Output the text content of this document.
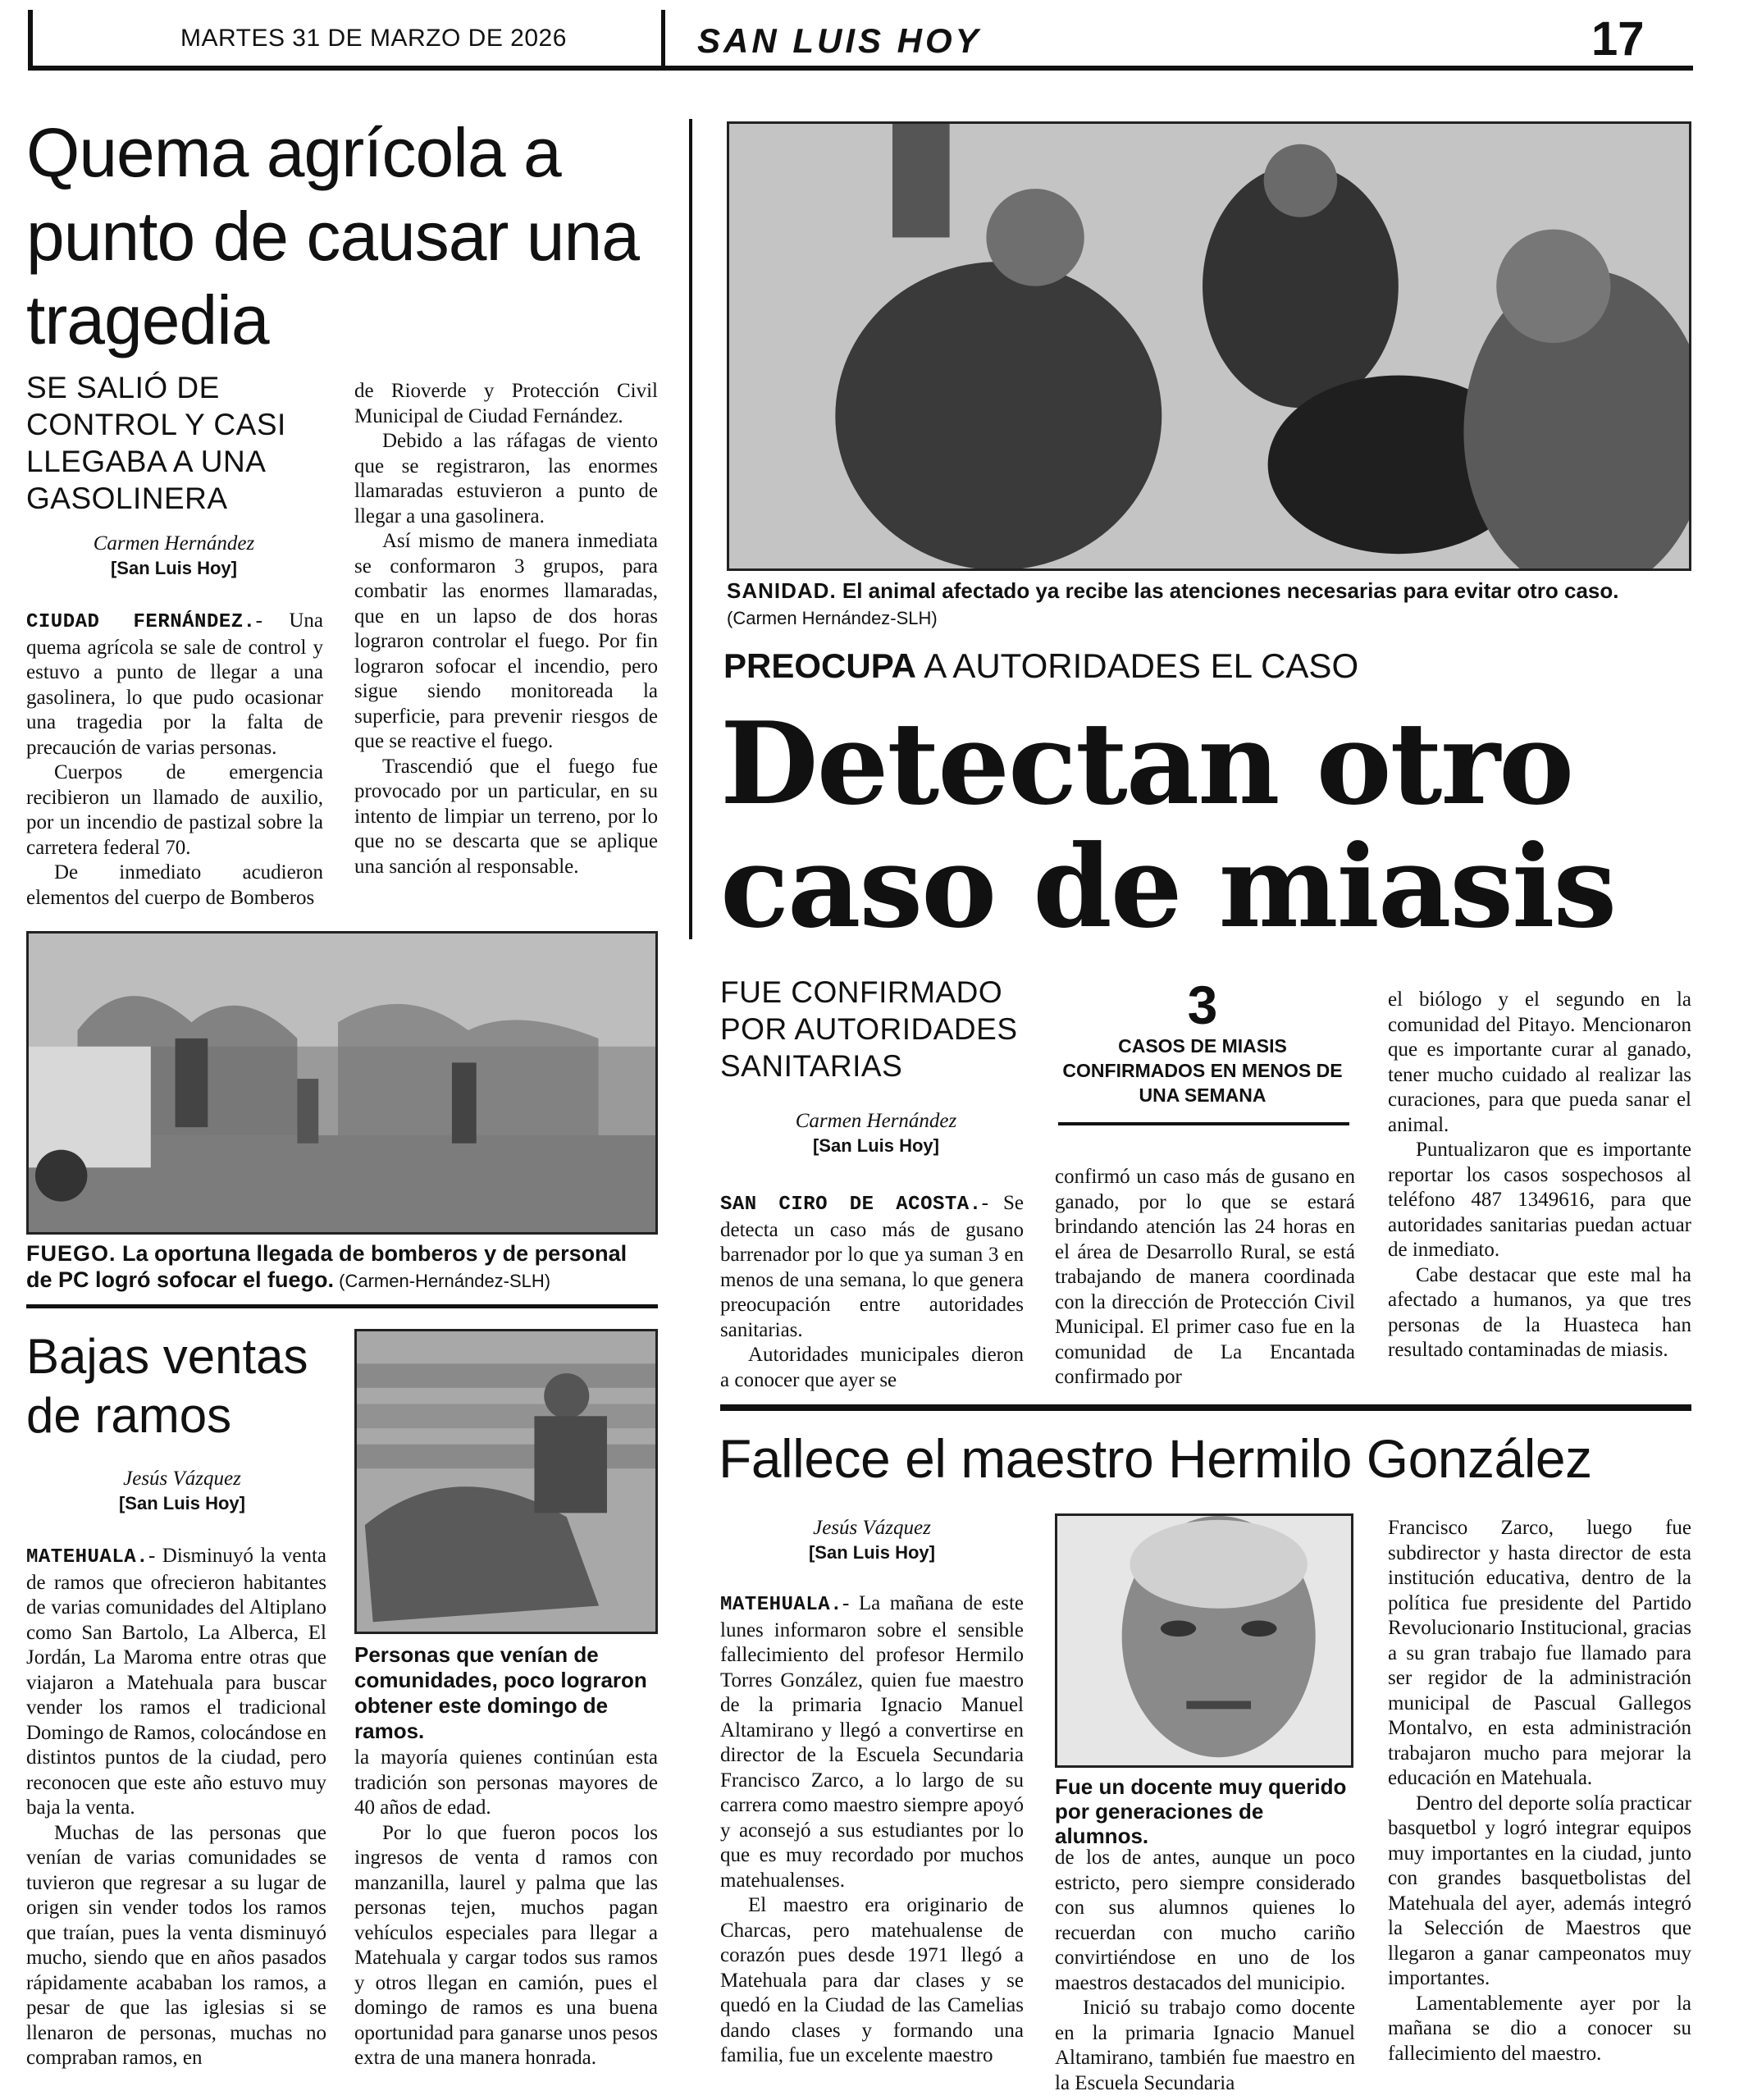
MARTES 31 DE MARZO DE 2026	SAN LUIS HOY	17
Quema agrícola a punto de causar una tragedia
SE SALIÓ DE CONTROL Y CASI LLEGABA A UNA GASOLINERA
Carmen Hernández
[San Luis Hoy]

CIUDAD FERNÁNDEZ.- Una quema agrícola se sale de control y estuvo a punto de llegar a una gasolinera, lo que pudo ocasionar una tragedia por la falta de precaución de varias personas.

Cuerpos de emergencia recibieron un llamado de auxilio, por un incendio de pastizal sobre la carretera federal 70.

De inmediato acudieron elementos del cuerpo de Bomberos

de Rioverde y Protección Civil Municipal de Ciudad Fernández.

Debido a las ráfagas de viento que se registraron, las enormes llamaradas estuvieron a punto de llegar a una gasolinera.

Así mismo de manera inmediata se conformaron 3 grupos, para combatir las enormes llamaradas, que en un lapso de dos horas lograron controlar el fuego. Por fin lograron sofocar el incendio, pero sigue siendo monitoreada la superficie, para prevenir riesgos de que se reactive el fuego.

Trascendió que el fuego fue provocado por un particular, en su intento de limpiar un terreno, por lo que no se descarta que se aplique una sanción al responsable.

FUEGO. La oportuna llegada de bomberos y de personal de PC logró sofocar el fuego. (Carmen-Hernández-SLH)
Bajas ventas de ramos
Jesús Vázquez
[San Luis Hoy]

MATEHUALA.- Disminuyó la venta de ramos que ofrecieron habitantes de varias comunidades del Altiplano como San Bartolo, La Alberca, El Jordán, La Maroma entre otras que viajaron a Matehuala para buscar vender los ramos el tradicional Domingo de Ramos, colocándose en distintos puntos de la ciudad, pero reconocen que este año estuvo muy baja la venta.

Muchas de las personas que venían de varias comunidades se tuvieron que regresar a su lugar de origen sin vender todos los ramos que traían, pues la venta disminuyó mucho, siendo que en años pasados rápidamente acababan los ramos, a pesar de que las iglesias si se llenaron de personas, muchas no compraban ramos, en

Personas que venían de comunidades, poco lograron obtener este domingo de ramos.

la mayoría quienes continúan esta tradición son personas mayores de 40 años de edad.

Por lo que fueron pocos los ingresos de venta d ramos con manzanilla, laurel y palma que las personas tejen, muchos pagan vehículos especiales para llegar a Matehuala y cargar todos sus ramos y otros llegan en camión, pues el domingo de ramos es una buena oportunidad para ganarse unos pesos extra de una manera honrada.

SANIDAD. El animal afectado ya recibe las atenciones necesarias para evitar otro caso. (Carmen Hernández-SLH)
PREOCUPA A AUTORIDADES EL CASO
Detectan otro
caso de miasis
FUE CONFIRMADO POR AUTORIDADES SANITARIAS
Carmen Hernández
[San Luis Hoy]
3
CASOS DE MIASIS CONFIRMADOS EN MENOS DE UNA SEMANA

SAN CIRO DE ACOSTA.- Se detecta un caso más de gusano barrenador por lo que ya suman 3 en menos de una semana, lo que genera preocupación entre autoridades sanitarias.

Autoridades municipales dieron a conocer que ayer se

confirmó un caso más de gusano en ganado, por lo que se estará brindando atención las 24 horas en el área de Desarrollo Rural, se está trabajando de manera coordinada con la dirección de Protección Civil Municipal. El primer caso fue en la comunidad de La Encantada confirmado por

el biólogo y el segundo en la comunidad del Pitayo. Mencionaron que es importante curar al ganado, tener mucho cuidado al realizar las curaciones, para que pueda sanar el animal.

Puntualizaron que es importante reportar los casos sospechosos al teléfono 487 1349616, para que autoridades sanitarias puedan actuar de inmediato.

Cabe destacar que este mal ha afectado a humanos, ya que tres personas de la Huasteca han resultado contaminadas de miasis.

Fallece el maestro Hermilo González
Jesús Vázquez
[San Luis Hoy]

MATEHUALA.- La mañana de este lunes informaron sobre el sensible fallecimiento del profesor Hermilo Torres González, quien fue maestro de la primaria Ignacio Manuel Altamirano y llegó a convertirse en director de la Escuela Secundaria Francisco Zarco, a lo largo de su carrera como maestro siempre apoyó y aconsejó a sus estudiantes por lo que es muy recordado por muchos matehualenses.

El maestro era originario de Charcas, pero matehualense de corazón pues desde 1971 llegó a Matehuala para dar clases y se quedó en la Ciudad de las Camelias dando clases y formando una familia, fue un excelente maestro

Fue un docente muy querido por generaciones de alumnos.

de los de antes, aunque un poco estricto, pero siempre considerado con sus alumnos quienes lo recuerdan con mucho cariño convirtiéndose en uno de los maestros destacados del municipio.

Inició su trabajo como docente en la primaria Ignacio Manuel Altamirano, también fue maestro en la Escuela Secundaria

Francisco Zarco, luego fue subdirector y hasta director de esta institución educativa, dentro de la política fue presidente del Partido Revolucionario Institucional, gracias a su gran trabajo fue llamado para ser regidor de la administración municipal de Pascual Gallegos Montalvo, en esta administración trabajaron mucho para mejorar la educación en Matehuala.

Dentro del deporte solía practicar basquetbol y logró integrar equipos muy importantes en la ciudad, junto con grandes basquetbolistas del Matehuala del ayer, además integró la Selección de Maestros que llegaron a ganar campeonatos muy importantes.

Lamentablemente ayer por la mañana se dio a conocer su fallecimiento del maestro.
